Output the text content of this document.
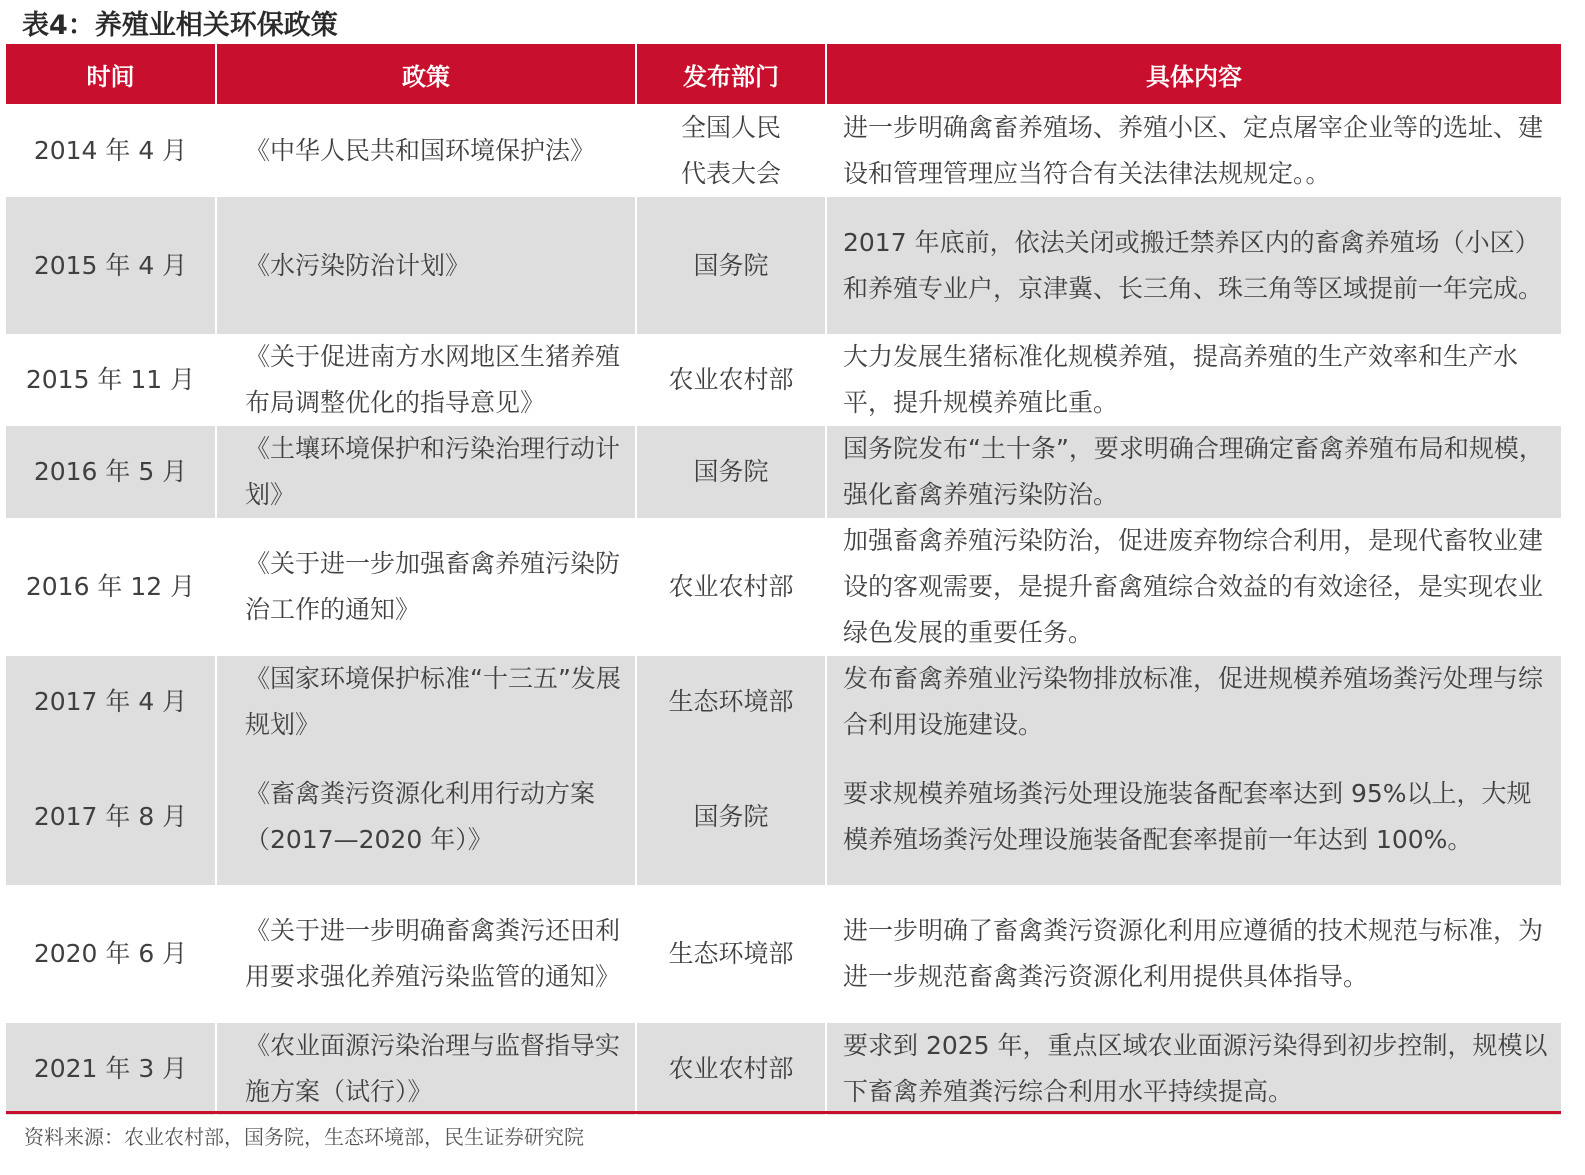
表4：养殖业相关环保政策
时间	政策	发布部门	具体内容
2014 年 4 月	《中华人民共和国环境保护法》	全国人民代表大会	进一步明确禽畜养殖场、养殖小区、定点屠宰企业等的选址、建设和管理管理应当符合有关法律法规规定。。
2015 年 4 月	《水污染防治计划》	国务院	2017 年底前，依法关闭或搬迁禁养区内的畜禽养殖场（小区）和养殖专业户，京津冀、长三角、珠三角等区域提前一年完成。
2015 年 11 月	《关于促进南方水网地区生猪养殖布局调整优化的指导意见》	农业农村部	大力发展生猪标准化规模养殖，提高养殖的生产效率和生产水平，提升规模养殖比重。
2016 年 5 月	《土壤环境保护和污染治理行动计划》	国务院	国务院发布“土十条”，要求明确合理确定畜禽养殖布局和规模，强化畜禽养殖污染防治。
2016 年 12 月	《关于进一步加强畜禽养殖污染防治工作的通知》	农业农村部	加强畜禽养殖污染防治，促进废弃物综合利用，是现代畜牧业建设的客观需要，是提升畜禽殖综合效益的有效途径，是实现农业绿色发展的重要任务。
2017 年 4 月	《国家环境保护标准“十三五”发展规划》	生态环境部	发布畜禽养殖业污染物排放标准，促进规模养殖场粪污处理与综合利用设施建设。
2017 年 8 月	《畜禽粪污资源化利用行动方案（2017—2020 年）》	国务院	要求规模养殖场粪污处理设施装备配套率达到 95%以上，大规模养殖场粪污处理设施装备配套率提前一年达到 100%。
2020 年 6 月	《关于进一步明确畜禽粪污还田利用要求强化养殖污染监管的通知》	生态环境部	进一步明确了畜禽粪污资源化利用应遵循的技术规范与标准，为进一步规范畜禽粪污资源化利用提供具体指导。
2021 年 3 月	《农业面源污染治理与监督指导实施方案（试行）》	农业农村部	要求到 2025 年，重点区域农业面源污染得到初步控制，规模以下畜禽养殖粪污综合利用水平持续提高。
资料来源：农业农村部，国务院，生态环境部，民生证券研究院
